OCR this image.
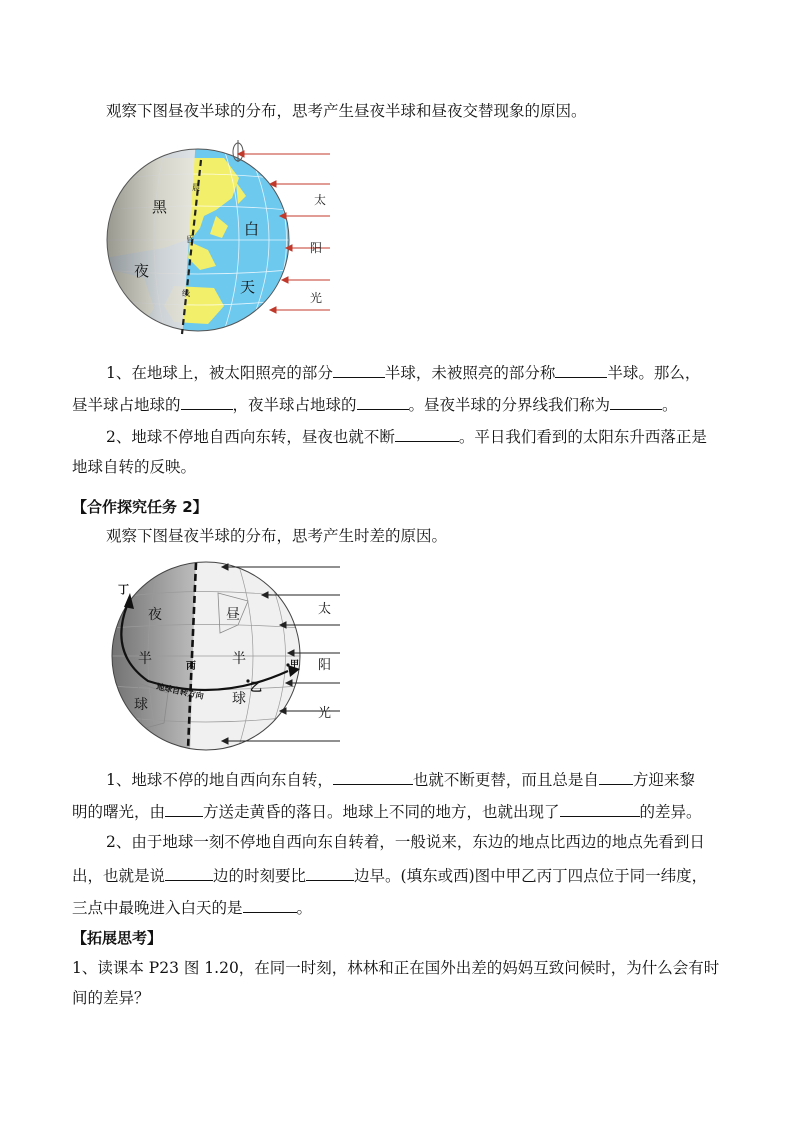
观察下图昼夜半球的分布，思考产生昼夜半球和昼夜交替现象的原因。
太
阳
光
黑
夜
白
天
晨
昏
线
1、在地球上，被太阳照亮的部分	半球，未被照亮的部分称	半球。那么，
昼半球占地球的	，夜半球占地球的	。昼夜半球的分界线我们称为	。
2、地球不停地自西向东转，昼夜也就不断	。平日我们看到的太阳东升西落正是
地球自转的反映。
【合作探究任务 2】
观察下图昼夜半球的分布，思考产生时差的原因。
地球自转方向
太
阳
光
夜
半
球
昼
半
球
丁
丙
乙
甲
1、地球不停的地自西向东自转，	也就不断更替，而且总是自 方迎来黎
明的曙光，由 方送走黄昏的落日。地球上不同的地方，也就出现了	的差异。
2、由于地球一刻不停地自西向东自转着，一般说来，东边的地点比西边的地点先看到日
出，也就是说	边的时刻要比	边早。(填东或西)图中甲乙丙丁四点位于同一纬度，
三点中最晚进入白天的是	。
【拓展思考】
1、读课本 P23 图 1.20，在同一时刻，林林和正在国外出差的妈妈互致问候时，为什么会有时
间的差异？
